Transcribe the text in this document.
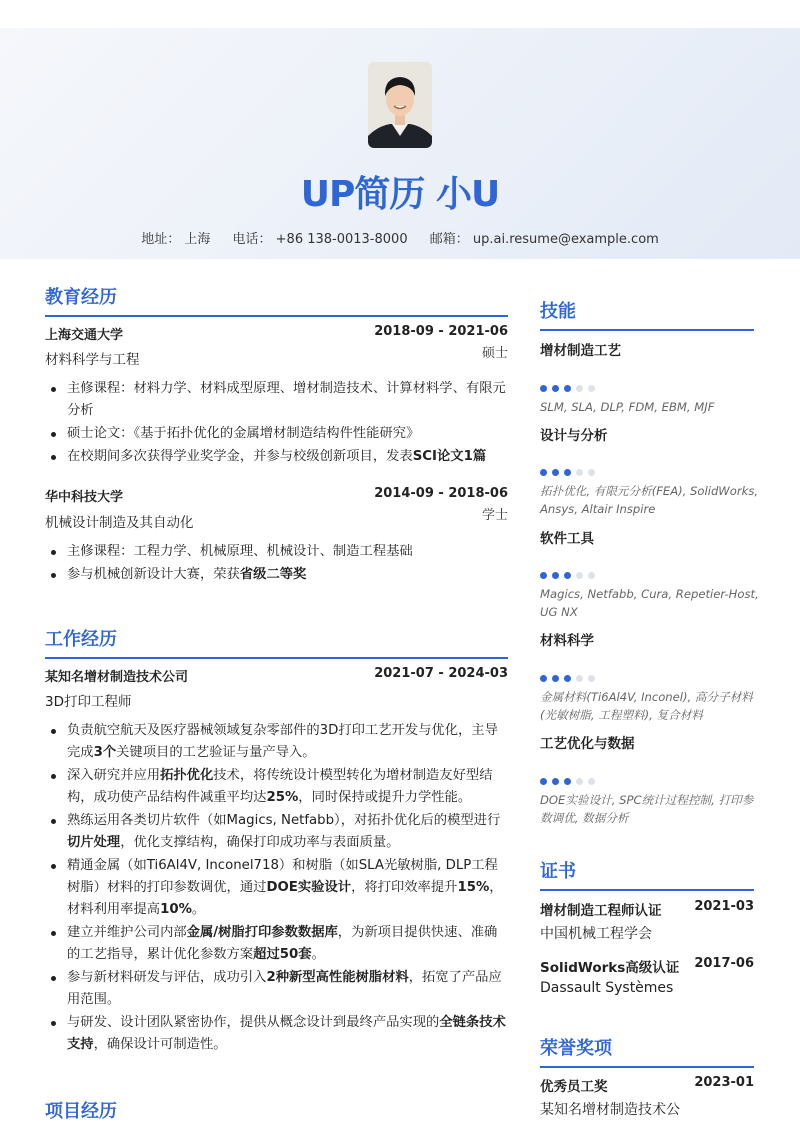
UP简历 小U
地址： 上海 电话： +86 138-0013-8000 邮箱： up.ai.resume@example.com
教育经历
上海交通大学	2018-09 - 2021-06
硕士
材料科学与工程
主修课程：材料力学、材料成型原理、增材制造技术、计算材料学、有限元分析
硕士论文：《基于拓扑优化的金属增材制造结构件性能研究》
在校期间多次获得学业奖学金，并参与校级创新项目，发表SCI论文1篇
华中科技大学	2014-09 - 2018-06
学士
机械设计制造及其自动化
主修课程：工程力学、机械原理、机械设计、制造工程基础
参与机械创新设计大赛，荣获省级二等奖
工作经历
某知名增材制造技术公司	2021-07 - 2024-03
3D打印工程师
负责航空航天及医疗器械领域复杂零部件的3D打印工艺开发与优化，主导完成3个关键项目的工艺验证与量产导入。
深入研究并应用拓扑优化技术，将传统设计模型转化为增材制造友好型结构，成功使产品结构件减重平均达25%，同时保持或提升力学性能。
熟练运用各类切片软件（如Magics, Netfabb），对拓扑优化后的模型进行切片处理，优化支撑结构，确保打印成功率与表面质量。
精通金属（如Ti6Al4V, Inconel718）和树脂（如SLA光敏树脂, DLP工程树脂）材料的打印参数调优，通过DOE实验设计，将打印效率提升15%，材料利用率提高10%。
建立并维护公司内部金属/树脂打印参数数据库，为新项目提供快速、准确的工艺指导，累计优化参数方案超过50套。
参与新材料研发与评估，成功引入2种新型高性能树脂材料，拓宽了产品应用范围。
与研发、设计团队紧密协作，提供从概念设计到最终产品实现的全链条技术支持，确保设计可制造性。
项目经历
技能
增材制造工艺
SLM, SLA, DLP, FDM, EBM, MJF
设计与分析
拓扑优化, 有限元分析(FEA), SolidWorks, Ansys, Altair Inspire
软件工具
Magics, Netfabb, Cura, Repetier-Host, UG NX
材料科学
金属材料(Ti6Al4V, Inconel), 高分子材料(光敏树脂, 工程塑料), 复合材料
工艺优化与数据
DOE实验设计, SPC统计过程控制, 打印参数调优, 数据分析
证书
增材制造工程师认证	2021-03
中国机械工程学会
SolidWorks高级认证 2017-06
Dassault Systèmes
荣誉奖项
优秀员工奖	2023-01
某知名增材制造技术公
